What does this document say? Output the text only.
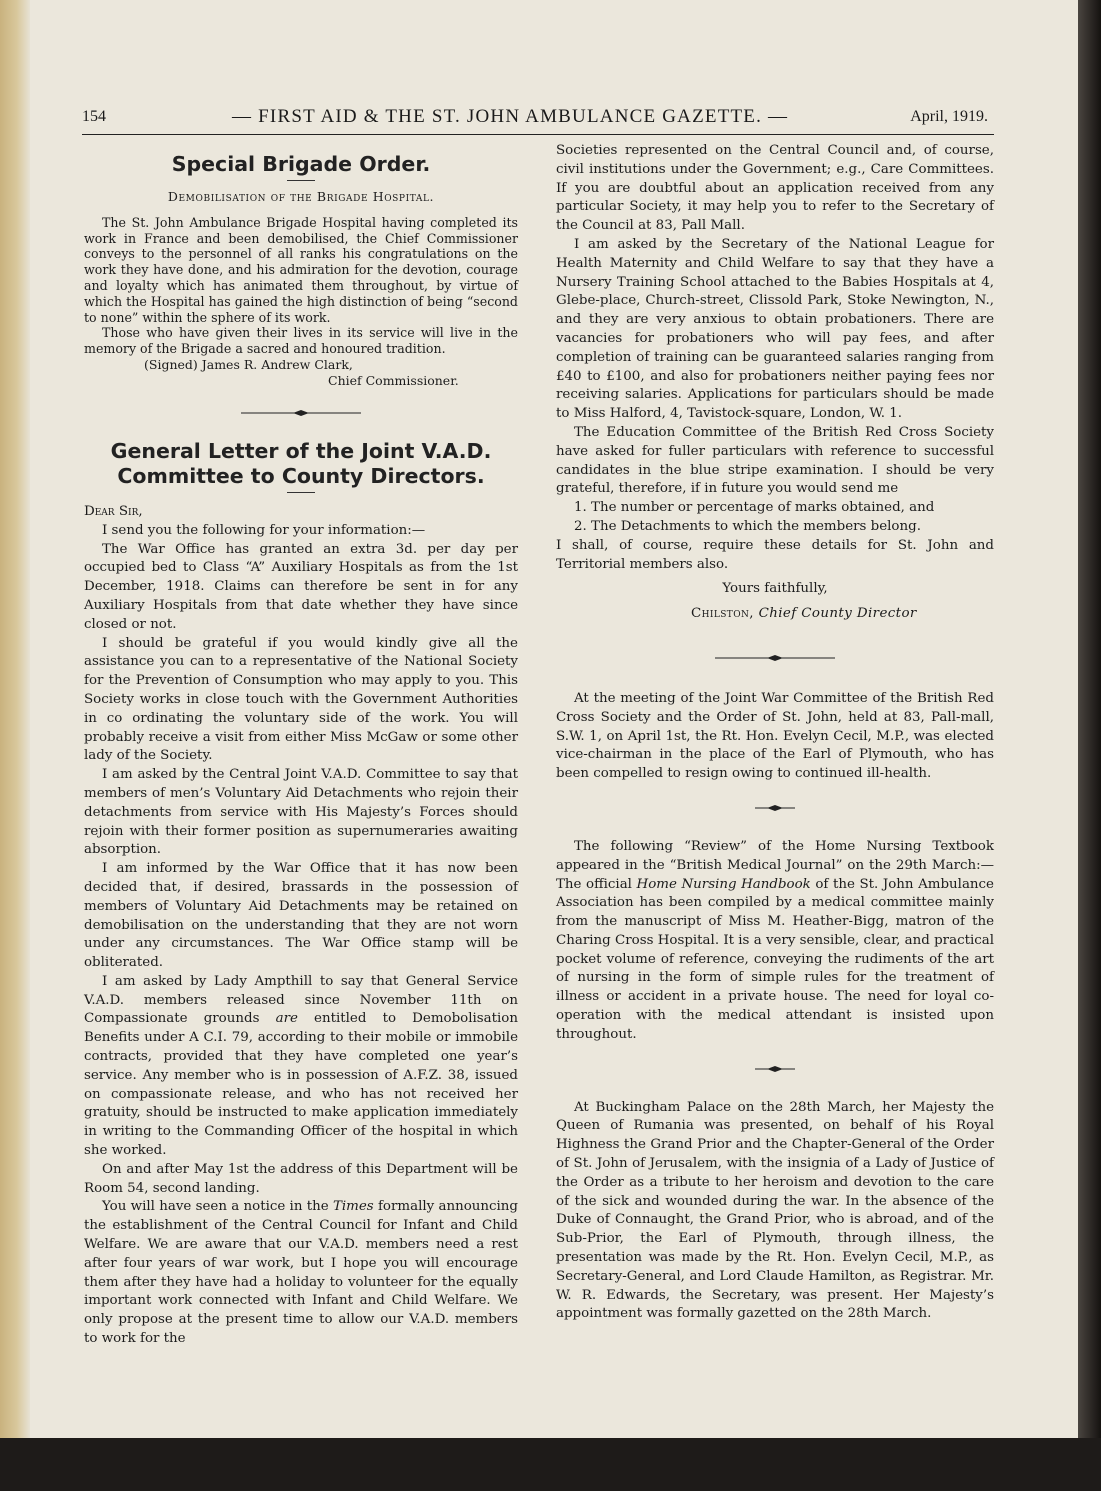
154	— FIRST AID & THE ST. JOHN AMBULANCE GAZETTE. —	April, 1919.
Special Brigade Order.
Demobilisation of the Brigade Hospital.

The St. John Ambulance Brigade Hospital having completed its work in France and been demobilised, the Chief Commissioner conveys to the personnel of all ranks his congratulations on the work they have done, and his admiration for the devotion, courage and loyalty which has animated them throughout, by virtue of which the Hospital has gained the high distinction of being “second to none” within the sphere of its work.

Those who have given their lives in its service will live in the memory of the Brigade a sacred and honoured tradition.

(Signed) James R. Andrew Clark,
Chief Commissioner.
General Letter of the Joint V.A.D.
Committee to County Directors.

Dear Sir,

I send you the following for your information:—

The War Office has granted an extra 3d. per day per occupied bed to Class “A” Auxiliary Hospitals as from the 1st December, 1918. Claims can therefore be sent in for any Auxiliary Hospitals from that date whether they have since closed or not.

I should be grateful if you would kindly give all the assistance you can to a representative of the National Society for the Prevention of Consumption who may apply to you. This Society works in close touch with the Government Authorities in co ordinating the voluntary side of the work. You will probably receive a visit from either Miss McGaw or some other lady of the Society.

I am asked by the Central Joint V.A.D. Committee to say that members of men’s Voluntary Aid Detachments who rejoin their detachments from service with His Majesty’s Forces should rejoin with their former position as supernumeraries awaiting absorption.

I am informed by the War Office that it has now been decided that, if desired, brassards in the possession of members of Voluntary Aid Detachments may be retained on demobilisation on the understanding that they are not worn under any circumstances. The War Office stamp will be obliterated.

I am asked by Lady Ampthill to say that General Service V.A.D. members released since November 11th on Compassionate grounds are entitled to Demobolisation Benefits under A C.I. 79, according to their mobile or immobile contracts, provided that they have completed one year’s service. Any member who is in possession of A.F.Z. 38, issued on compassionate release, and who has not received her gratuity, should be instructed to make application immediately in writing to the Commanding Officer of the hospital in which she worked.

On and after May 1st the address of this Department will be Room 54, second landing.

You will have seen a notice in the Times formally announcing the establishment of the Central Council for Infant and Child Welfare. We are aware that our V.A.D. members need a rest after four years of war work, but I hope you will encourage them after they have had a holiday to volunteer for the equally important work connected with Infant and Child Welfare. We only propose at the present time to allow our V.A.D. members to work for the

Societies represented on the Central Council and, of course, civil institutions under the Government; e.g., Care Committees. If you are doubtful about an application received from any particular Society, it may help you to refer to the Secretary of the Council at 83, Pall Mall.

I am asked by the Secretary of the National League for Health Maternity and Child Welfare to say that they have a Nursery Training School attached to the Babies Hospitals at 4, Glebe-place, Church-street, Clissold Park, Stoke Newington, N., and they are very anxious to obtain probationers. There are vacancies for probationers who will pay fees, and after completion of training can be guaranteed salaries ranging from £40 to £100, and also for probationers neither paying fees nor receiving salaries. Applications for particulars should be made to Miss Halford, 4, Tavistock-square, London, W. 1.

The Education Committee of the British Red Cross Society have asked for fuller particulars with reference to successful candidates in the blue stripe examination. I should be very grateful, therefore, if in future you would send me

1. The number or percentage of marks obtained, and

2. The Detachments to which the members belong.

I shall, of course, require these details for St. John and Territorial members also.

Yours faithfully,
Chilston, Chief County Director

At the meeting of the Joint War Committee of the British Red Cross Society and the Order of St. John, held at 83, Pall-mall, S.W. 1, on April 1st, the Rt. Hon. Evelyn Cecil, M.P., was elected vice-chairman in the place of the Earl of Plymouth, who has been compelled to resign owing to continued ill-health.

The following “Review” of the Home Nursing Textbook appeared in the “British Medical Journal” on the 29th March:—The official Home Nursing Handbook of the St. John Ambulance Association has been compiled by a medical committee mainly from the manuscript of Miss M. Heather-Bigg, matron of the Charing Cross Hospital. It is a very sensible, clear, and practical pocket volume of reference, conveying the rudiments of the art of nursing in the form of simple rules for the treatment of illness or accident in a private house. The need for loyal co-operation with the medical attendant is insisted upon throughout.

At Buckingham Palace on the 28th March, her Majesty the Queen of Rumania was presented, on behalf of his Royal Highness the Grand Prior and the Chapter-General of the Order of St. John of Jerusalem, with the insignia of a Lady of Justice of the Order as a tribute to her heroism and devotion to the care of the sick and wounded during the war. In the absence of the Duke of Connaught, the Grand Prior, who is abroad, and of the Sub-Prior, the Earl of Plymouth, through illness, the presentation was made by the Rt. Hon. Evelyn Cecil, M.P., as Secretary-General, and Lord Claude Hamilton, as Registrar. Mr. W. R. Edwards, the Secretary, was present. Her Majesty’s appointment was formally gazetted on the 28th March.
